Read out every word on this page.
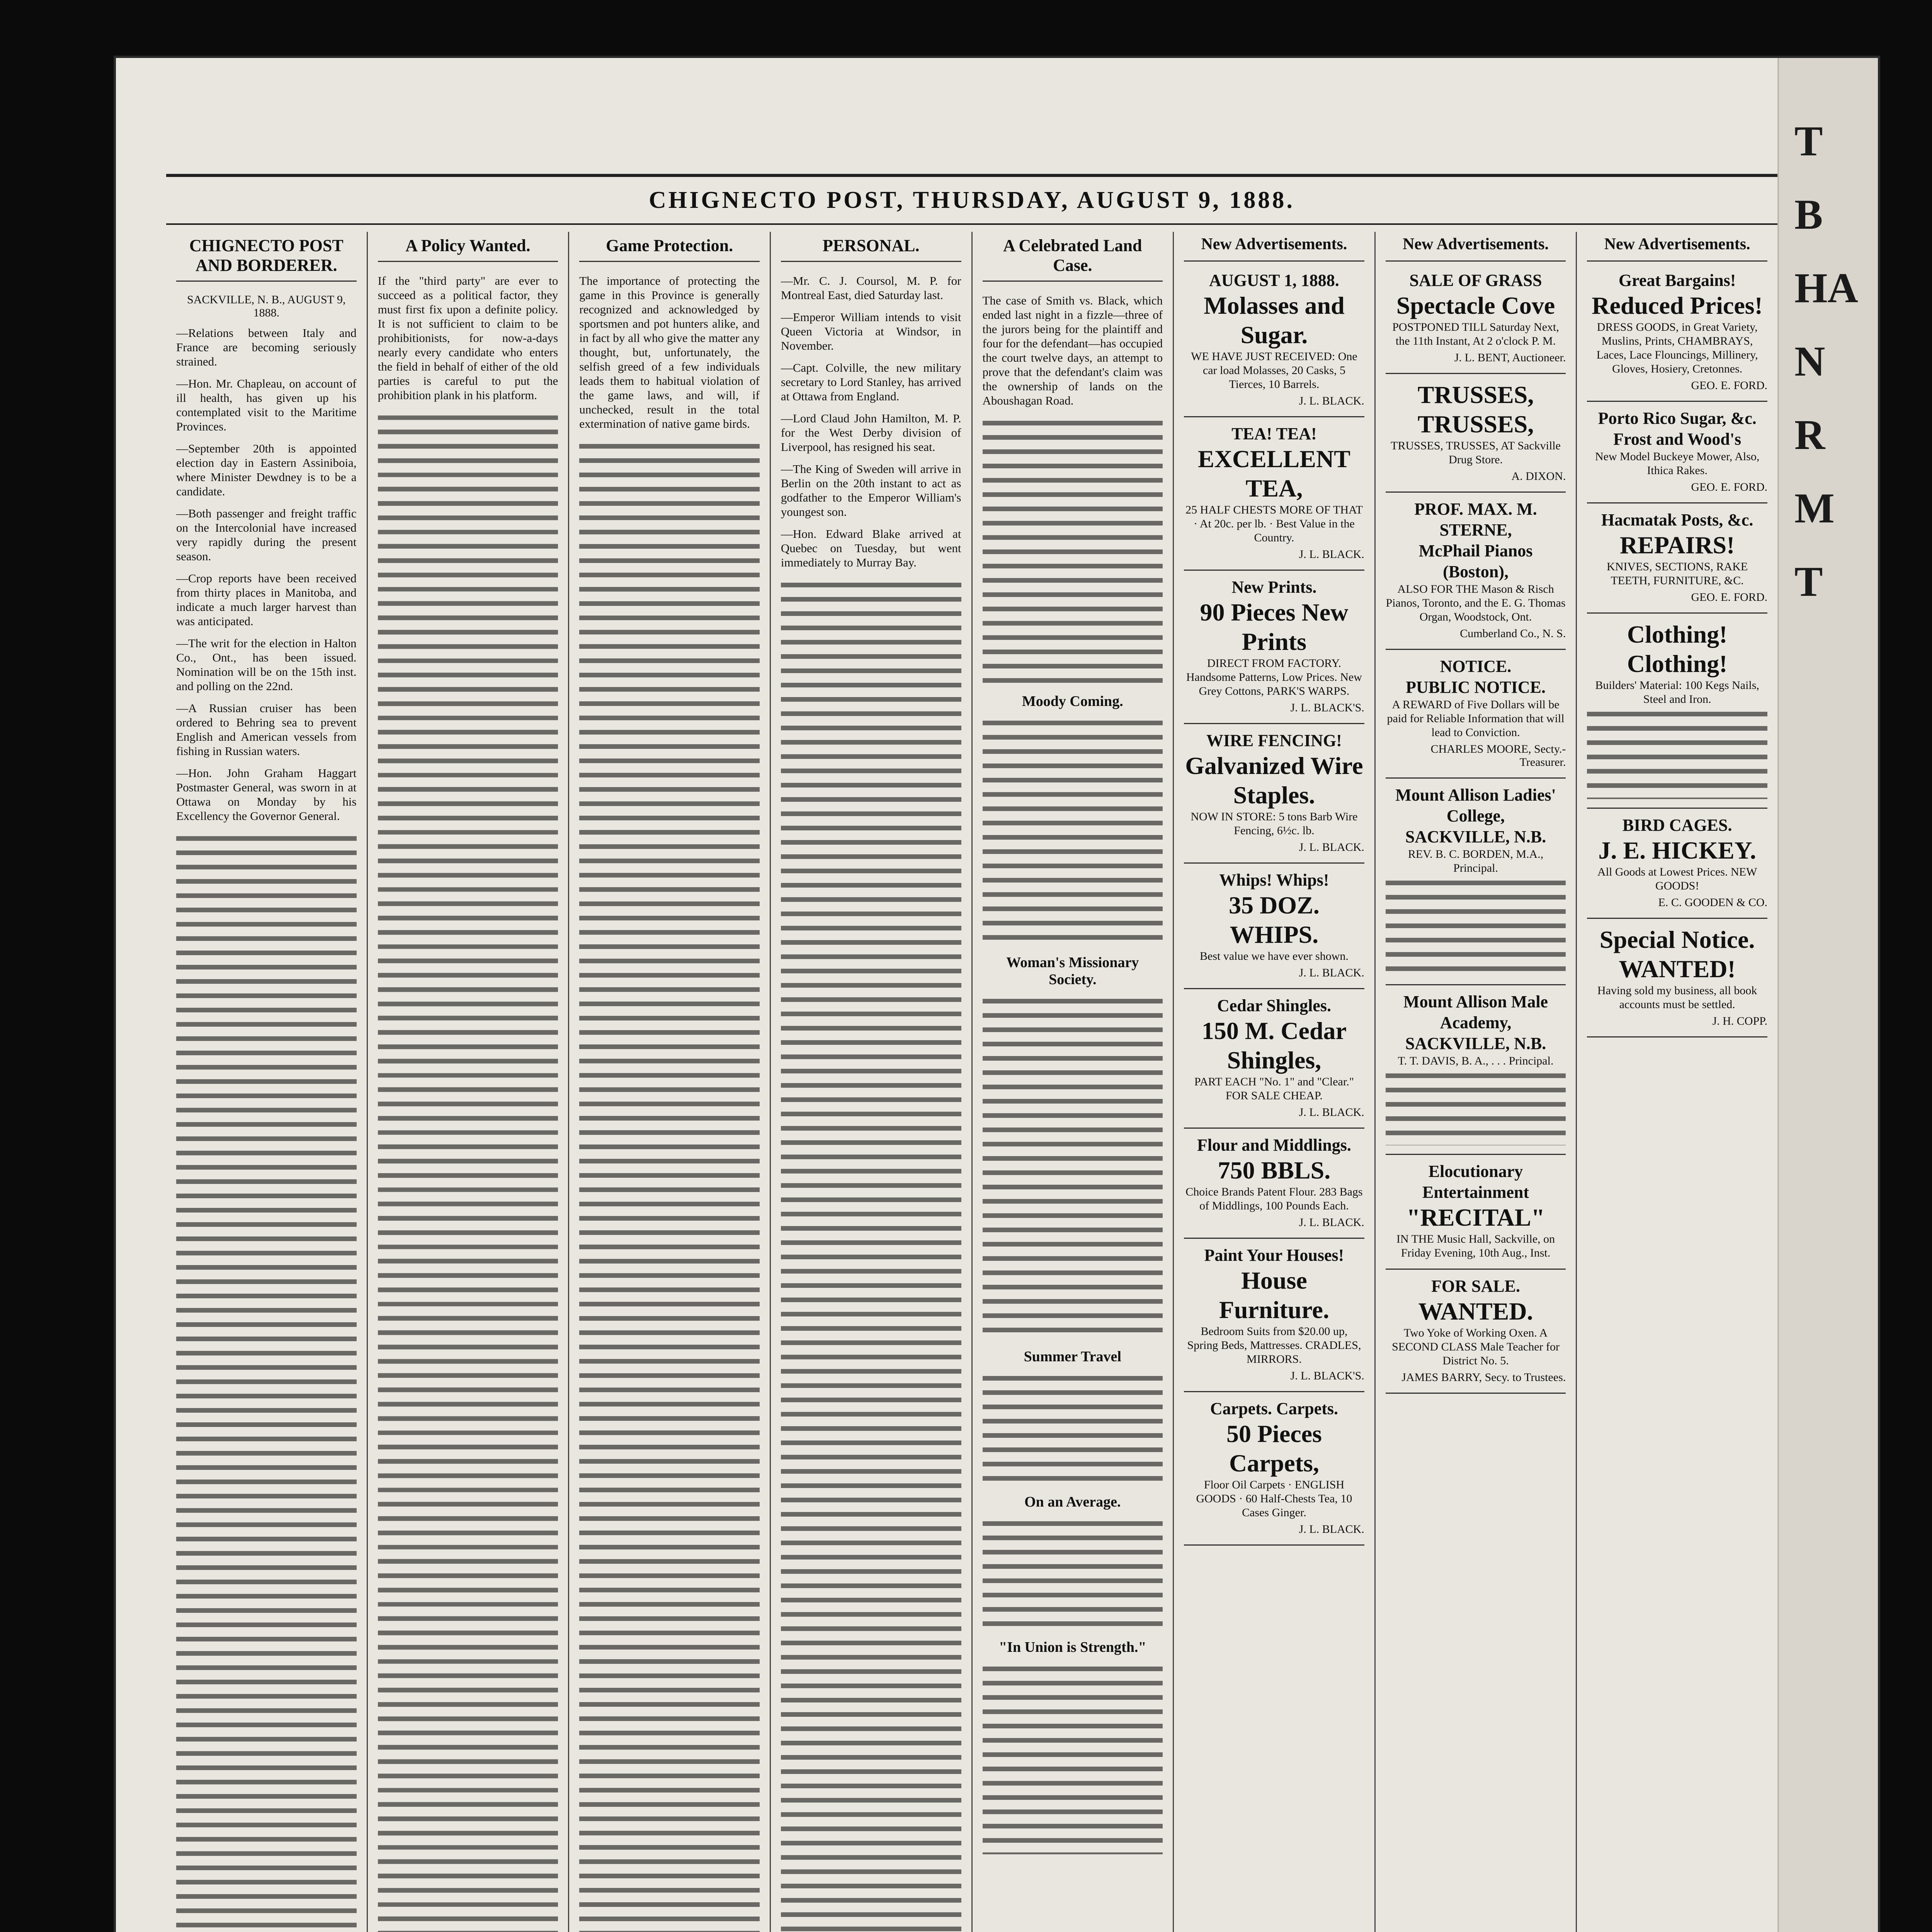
T
B
HA
N
R
M
T
CHIGNECTO POST, THURSDAY, AUGUST 9, 1888.
CHIGNECTO POST AND BORDERER.
SACKVILLE, N. B., AUGUST 9, 1888.

—Relations between Italy and France are becoming seriously strained.

—Hon. Mr. Chapleau, on account of ill health, has given up his contemplated visit to the Maritime Provinces.

—September 20th is appointed election day in Eastern Assiniboia, where Minister Dewdney is to be a candidate.

—Both passenger and freight traffic on the Intercolonial have increased very rapidly during the present season.

—Crop reports have been received from thirty places in Manitoba, and indicate a much larger harvest than was anticipated.

—The writ for the election in Halton Co., Ont., has been issued. Nomination will be on the 15th inst. and polling on the 22nd.

—A Russian cruiser has been ordered to Behring sea to prevent English and American vessels from fishing in Russian waters.

—Hon. John Graham Haggart Postmaster General, was sworn in at Ottawa on Monday by his Excellency the Governor General.

A Policy Wanted.

If the "third party" are ever to succeed as a political factor, they must first fix upon a definite policy. It is not sufficient to claim to be prohibitionists, for now-a-days nearly every candidate who enters the field in behalf of either of the old parties is careful to put the prohibition plank in his platform.

Game Protection.

The importance of protecting the game in this Province is generally recognized and acknowledged by sportsmen and pot hunters alike, and in fact by all who give the matter any thought, but, unfortunately, the selfish greed of a few individuals leads them to habitual violation of the game laws, and will, if unchecked, result in the total extermination of native game birds.

PERSONAL.

—Mr. C. J. Coursol, M. P. for Montreal East, died Saturday last.

—Emperor William intends to visit Queen Victoria at Windsor, in November.

—Capt. Colville, the new military secretary to Lord Stanley, has arrived at Ottawa from England.

—Lord Claud John Hamilton, M. P. for the West Derby division of Liverpool, has resigned his seat.

—The King of Sweden will arrive in Berlin on the 20th instant to act as godfather to the Emperor William's youngest son.

—Hon. Edward Blake arrived at Quebec on Tuesday, but went immediately to Murray Bay.

A Celebrated Land Case.

The case of Smith vs. Black, which ended last night in a fizzle—three of the jurors being for the plaintiff and four for the defendant—has occupied the court twelve days, an attempt to prove that the defendant's claim was the ownership of lands on the Aboushagan Road.

Moody Coming.
Woman's Missionary Society.
Summer Travel
On an Average.
"In Union is Strength."
New Advertisements.
AUGUST 1, 1888.
Molasses and Sugar.
WE HAVE JUST RECEIVED: One car load Molasses, 20 Casks, 5 Tierces, 10 Barrels.
J. L. BLACK.
TEA! TEA!
EXCELLENT TEA,
25 HALF CHESTS MORE OF THAT · At 20c. per lb. · Best Value in the Country.
J. L. BLACK.
New Prints.
90 Pieces New Prints
DIRECT FROM FACTORY. Handsome Patterns, Low Prices. New Grey Cottons, PARK'S WARPS.
J. L. BLACK'S.
WIRE FENCING!
Galvanized Wire Staples.
NOW IN STORE: 5 tons Barb Wire Fencing, 6½c. lb.
J. L. BLACK.
Whips! Whips!
35 DOZ. WHIPS.
Best value we have ever shown.
J. L. BLACK.
Cedar Shingles.
150 M. Cedar Shingles,
PART EACH "No. 1" and "Clear." FOR SALE CHEAP.
J. L. BLACK.
Flour and Middlings.
750 BBLS.
Choice Brands Patent Flour. 283 Bags of Middlings, 100 Pounds Each.
J. L. BLACK.
Paint Your Houses!
House Furniture.
Bedroom Suits from $20.00 up, Spring Beds, Mattresses. CRADLES, MIRRORS.
J. L. BLACK'S.
Carpets. Carpets.
50 Pieces Carpets,
Floor Oil Carpets · ENGLISH GOODS · 60 Half-Chests Tea, 10 Cases Ginger.
J. L. BLACK.
New Advertisements.
SALE OF GRASS
Spectacle Cove
POSTPONED TILL Saturday Next, the 11th Instant, At 2 o'clock P. M.
J. L. BENT, Auctioneer.
TRUSSES,
TRUSSES,
TRUSSES, TRUSSES, AT Sackville Drug Store.
A. DIXON.
PROF. MAX. M. STERNE,
McPhail Pianos (Boston),
ALSO FOR THE Mason & Risch Pianos, Toronto, and the E. G. Thomas Organ, Woodstock, Ont.
Cumberland Co., N. S.
NOTICE.
PUBLIC NOTICE.
A REWARD of Five Dollars will be paid for Reliable Information that will lead to Conviction.
CHARLES MOORE, Secty.-Treasurer.
Mount Allison Ladies' College,
SACKVILLE, N.B.
REV. B. C. BORDEN, M.A., Principal.
Mount Allison Male Academy,
SACKVILLE, N.B.
T. T. DAVIS, B. A., . . . Principal.
Elocutionary Entertainment
"RECITAL"
IN THE Music Hall, Sackville, on Friday Evening, 10th Aug., Inst.
FOR SALE.
WANTED.
Two Yoke of Working Oxen. A SECOND CLASS Male Teacher for District No. 5.
JAMES BARRY, Secy. to Trustees.
New Advertisements.
Great Bargains!
Reduced Prices!
DRESS GOODS, in Great Variety, Muslins, Prints, CHAMBRAYS, Laces, Lace Flouncings, Millinery, Gloves, Hosiery, Cretonnes.
GEO. E. FORD.
Porto Rico Sugar, &c.
Frost and Wood's
New Model Buckeye Mower, Also, Ithica Rakes.
GEO. E. FORD.
Hacmatak Posts, &c.
REPAIRS!
KNIVES, SECTIONS, RAKE TEETH, FURNITURE, &C.
GEO. E. FORD.
Clothing!
Clothing!
Builders' Material: 100 Kegs Nails, Steel and Iron.
BIRD CAGES.
J. E. HICKEY.
All Goods at Lowest Prices. NEW GOODS!
E. C. GOODEN & CO.
Special Notice.
WANTED!
Having sold my business, all book accounts must be settled.
J. H. COPP.
